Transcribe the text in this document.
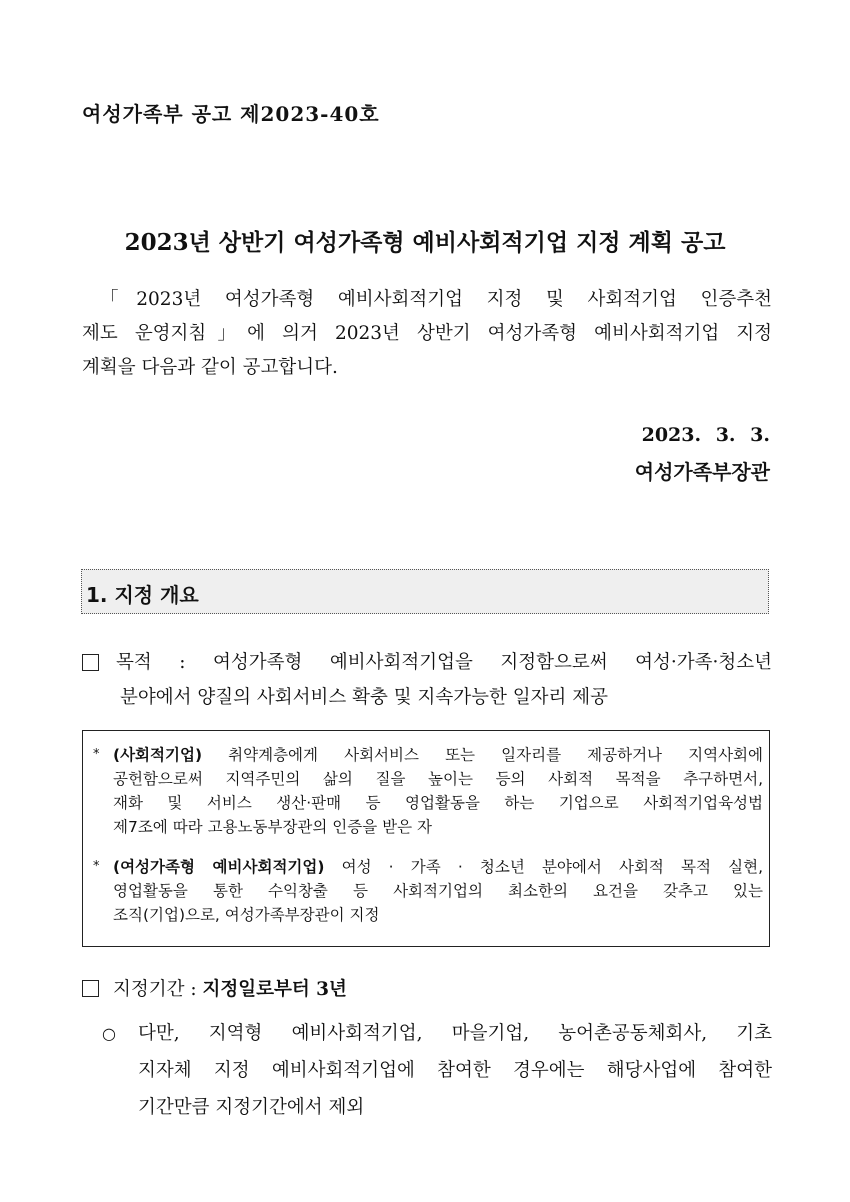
여성가족부 공고 제2023-40호
2023년 상반기 여성가족형 예비사회적기업 지정 계획 공고
「2023년 여성가족형 예비사회적기업 지정 및 사회적기업 인증추천
제도 운영지침」에 의거 2023년 상반기 여성가족형 예비사회적기업 지정
계획을 다음과 같이 공고합니다.
2023. 3. 3.
여성가족부장관
1. 지정 개요
목적 : 여성가족형 예비사회적기업을 지정함으로써 여성·가족·청소년
분야에서 양질의 사회서비스 확충 및 지속가능한 일자리 제공
* (사회적기업) 취약계층에게 사회서비스 또는 일자리를 제공하거나 지역사회에
공헌함으로써 지역주민의 삶의 질을 높이는 등의 사회적 목적을 추구하면서,
재화 및 서비스 생산·판매 등 영업활동을 하는 기업으로 사회적기업육성법
제7조에 따라 고용노동부장관의 인증을 받은 자
* (여성가족형 예비사회적기업) 여성 · 가족 · 청소년 분야에서 사회적 목적 실현,
영업활동을 통한 수익창출 등 사회적기업의 최소한의 요건을 갖추고 있는
조직(기업)으로, 여성가족부장관이 지정
지정기간 : 지정일로부터 3년
○	다만, 지역형 예비사회적기업, 마을기업, 농어촌공동체회사, 기초
지자체 지정 예비사회적기업에 참여한 경우에는 해당사업에 참여한
기간만큼 지정기간에서 제외
